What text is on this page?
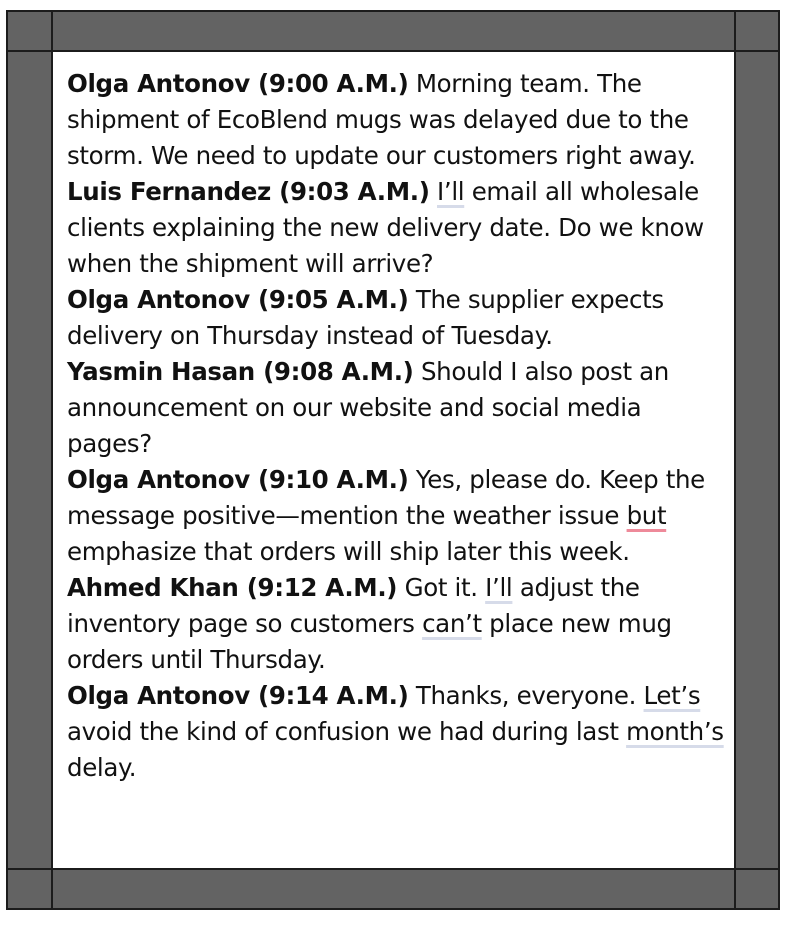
Olga Antonov (9:00 A.M.) Morning team. The shipment of EcoBlend mugs was delayed due to the storm. We need to update our customers right away.

Luis Fernandez (9:03 A.M.) I’ll email all wholesale clients explaining the new delivery date. Do we know when the shipment will arrive?

Olga Antonov (9:05 A.M.) The supplier expects delivery on Thursday instead of Tuesday.

Yasmin Hasan (9:08 A.M.) Should I also post an announcement on our website and social media pages?

Olga Antonov (9:10 A.M.) Yes, please do. Keep the message positive—mention the weather issue but emphasize that orders will ship later this week.

Ahmed Khan (9:12 A.M.) Got it. I’ll adjust the inventory page so customers can’t place new mug orders until Thursday.

Olga Antonov (9:14 A.M.) Thanks, everyone. Let’s avoid the kind of confusion we had during last month’s delay.
